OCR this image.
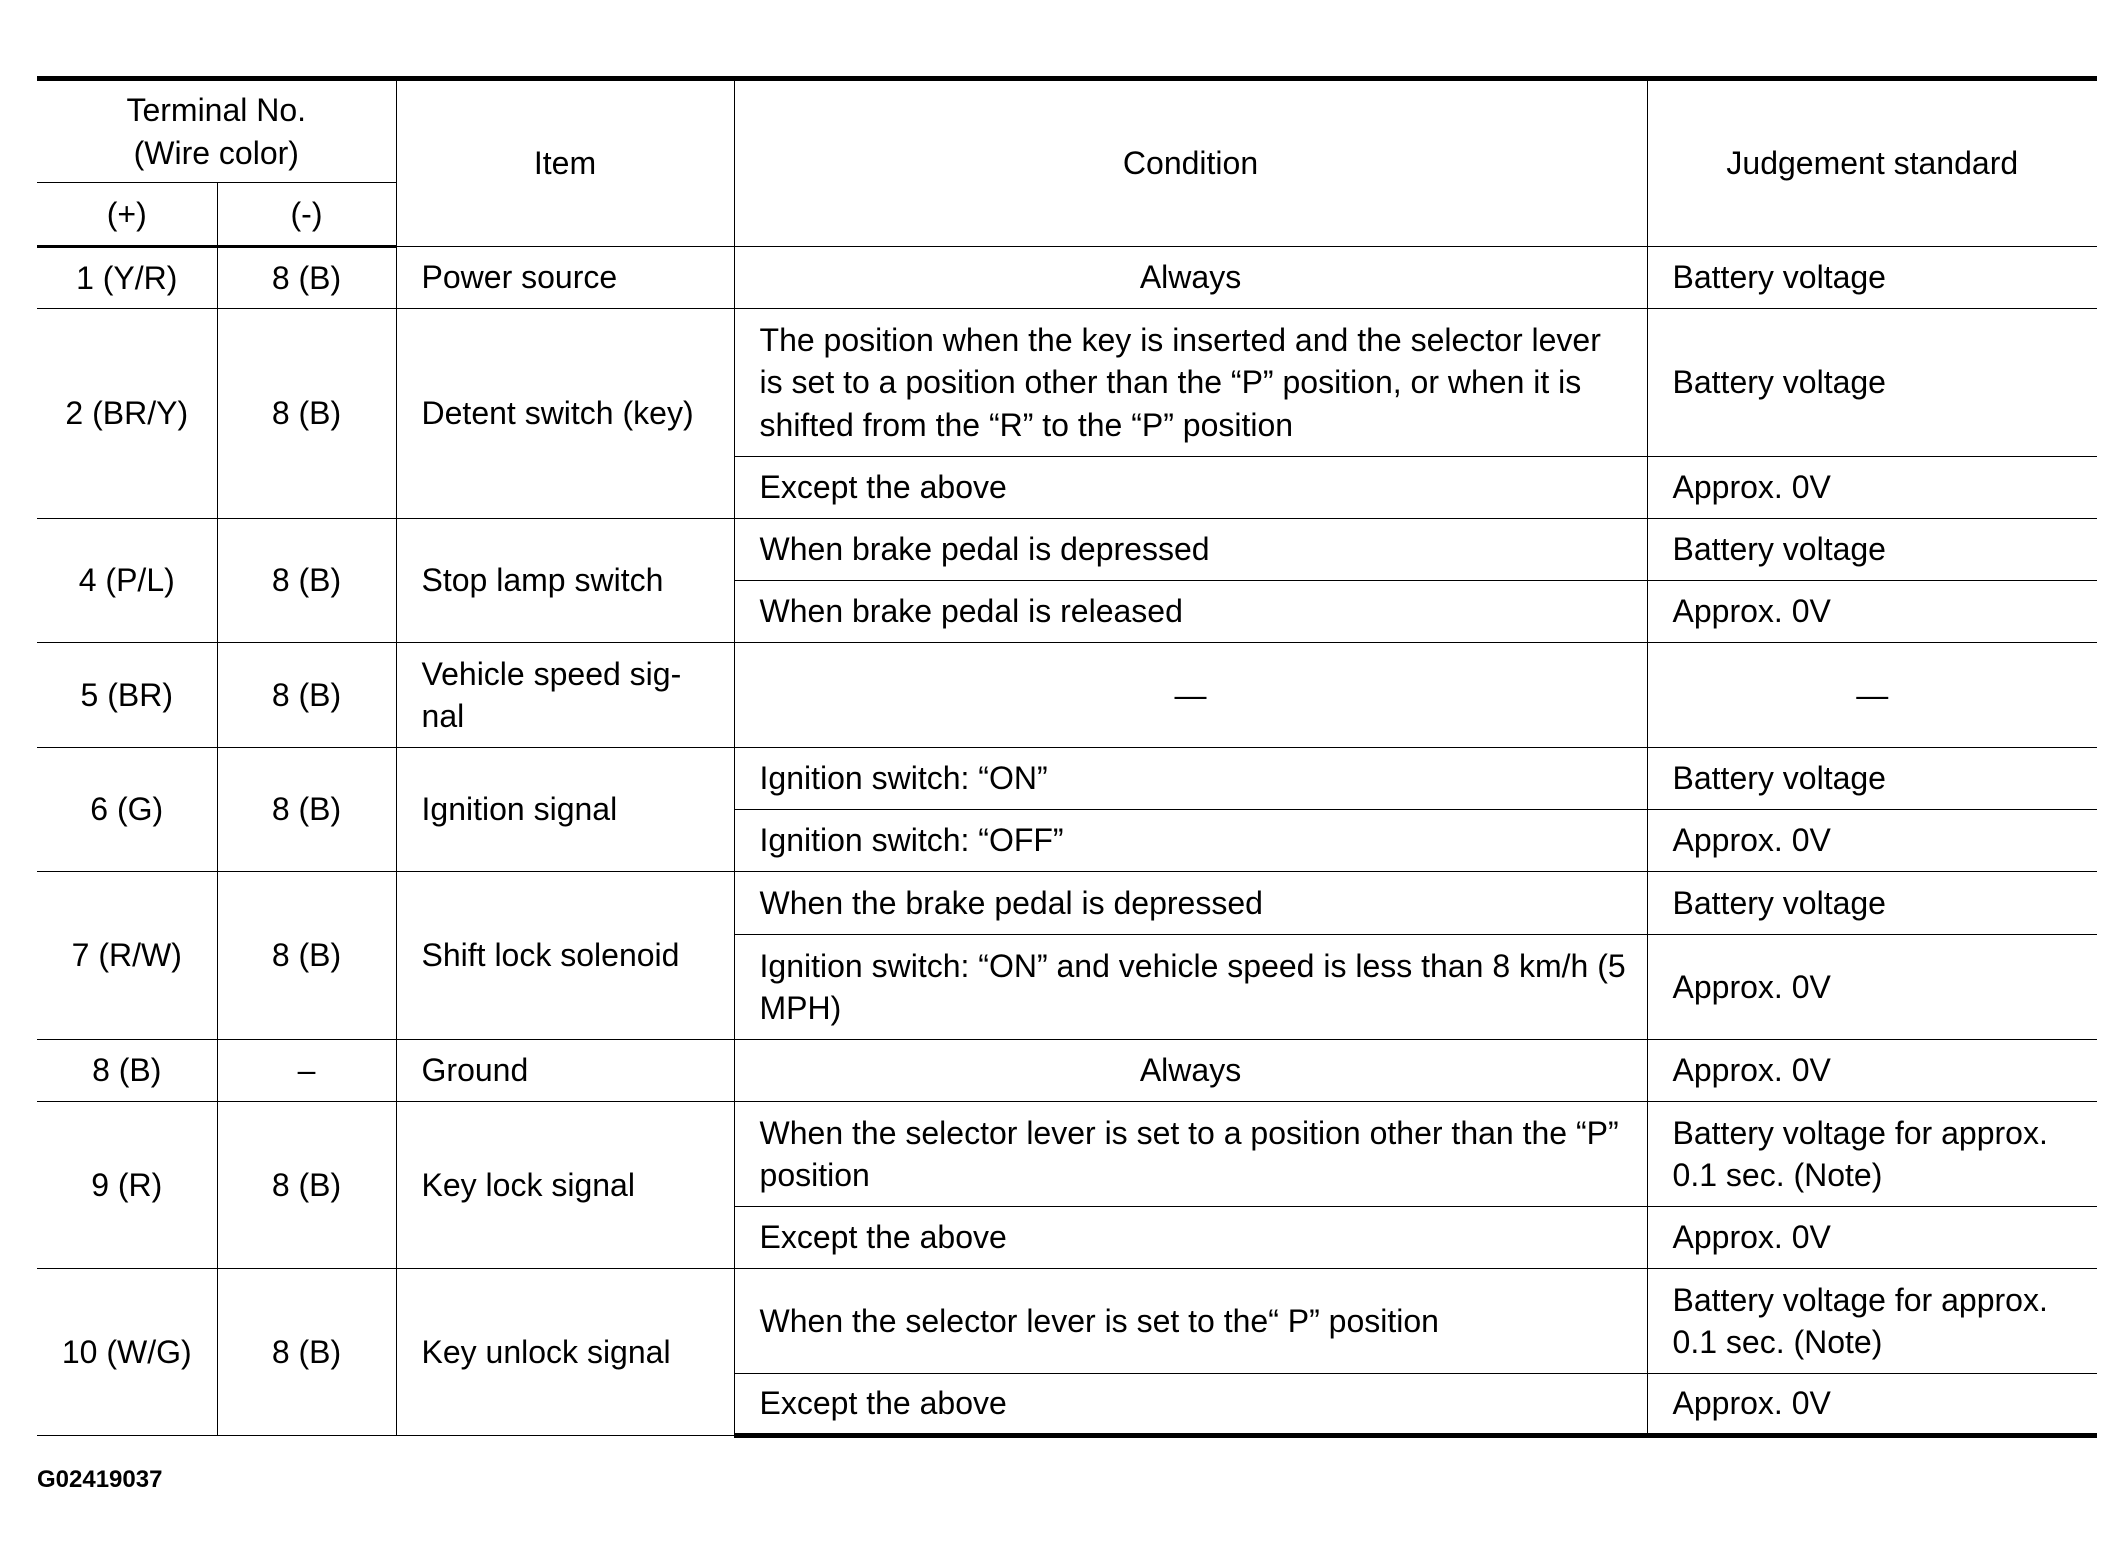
Terminal No.
(Wire color)		Item	Condition	Judgement standard
(+)	(-)			
1 (Y/R)	8 (B)	Power source	Always	Battery voltage
2 (BR/Y)	8 (B)	Detent switch (key)	The position when the key is inserted and the selector lever is set to a position other than the “P” position, or when it is shifted from the “R” to the “P” position	Battery voltage
			Except the above	Approx. 0V
4 (P/L)	8 (B)	Stop lamp switch	When brake pedal is depressed	Battery voltage
			When brake pedal is released	Approx. 0V
5 (BR)	8 (B)	Vehicle speed sig-nal	—	—
6 (G)	8 (B)	Ignition signal	Ignition switch: “ON”	Battery voltage
			Ignition switch: “OFF”	Approx. 0V
7 (R/W)	8 (B)	Shift lock solenoid	When the brake pedal is depressed	Battery voltage
			Ignition switch: “ON” and vehicle speed is less than 8 km/h (5 MPH)	Approx. 0V
8 (B)	–	Ground	Always	Approx. 0V
9 (R)	8 (B)	Key lock signal	When the selector lever is set to a position other than the “P” position	Battery voltage for approx. 0.1 sec. (Note)
			Except the above	Approx. 0V
10 (W/G)	8 (B)	Key unlock signal	When the selector lever is set to the“ P” position	Battery voltage for approx. 0.1 sec. (Note)
			Except the above	Approx. 0V
G02419037
